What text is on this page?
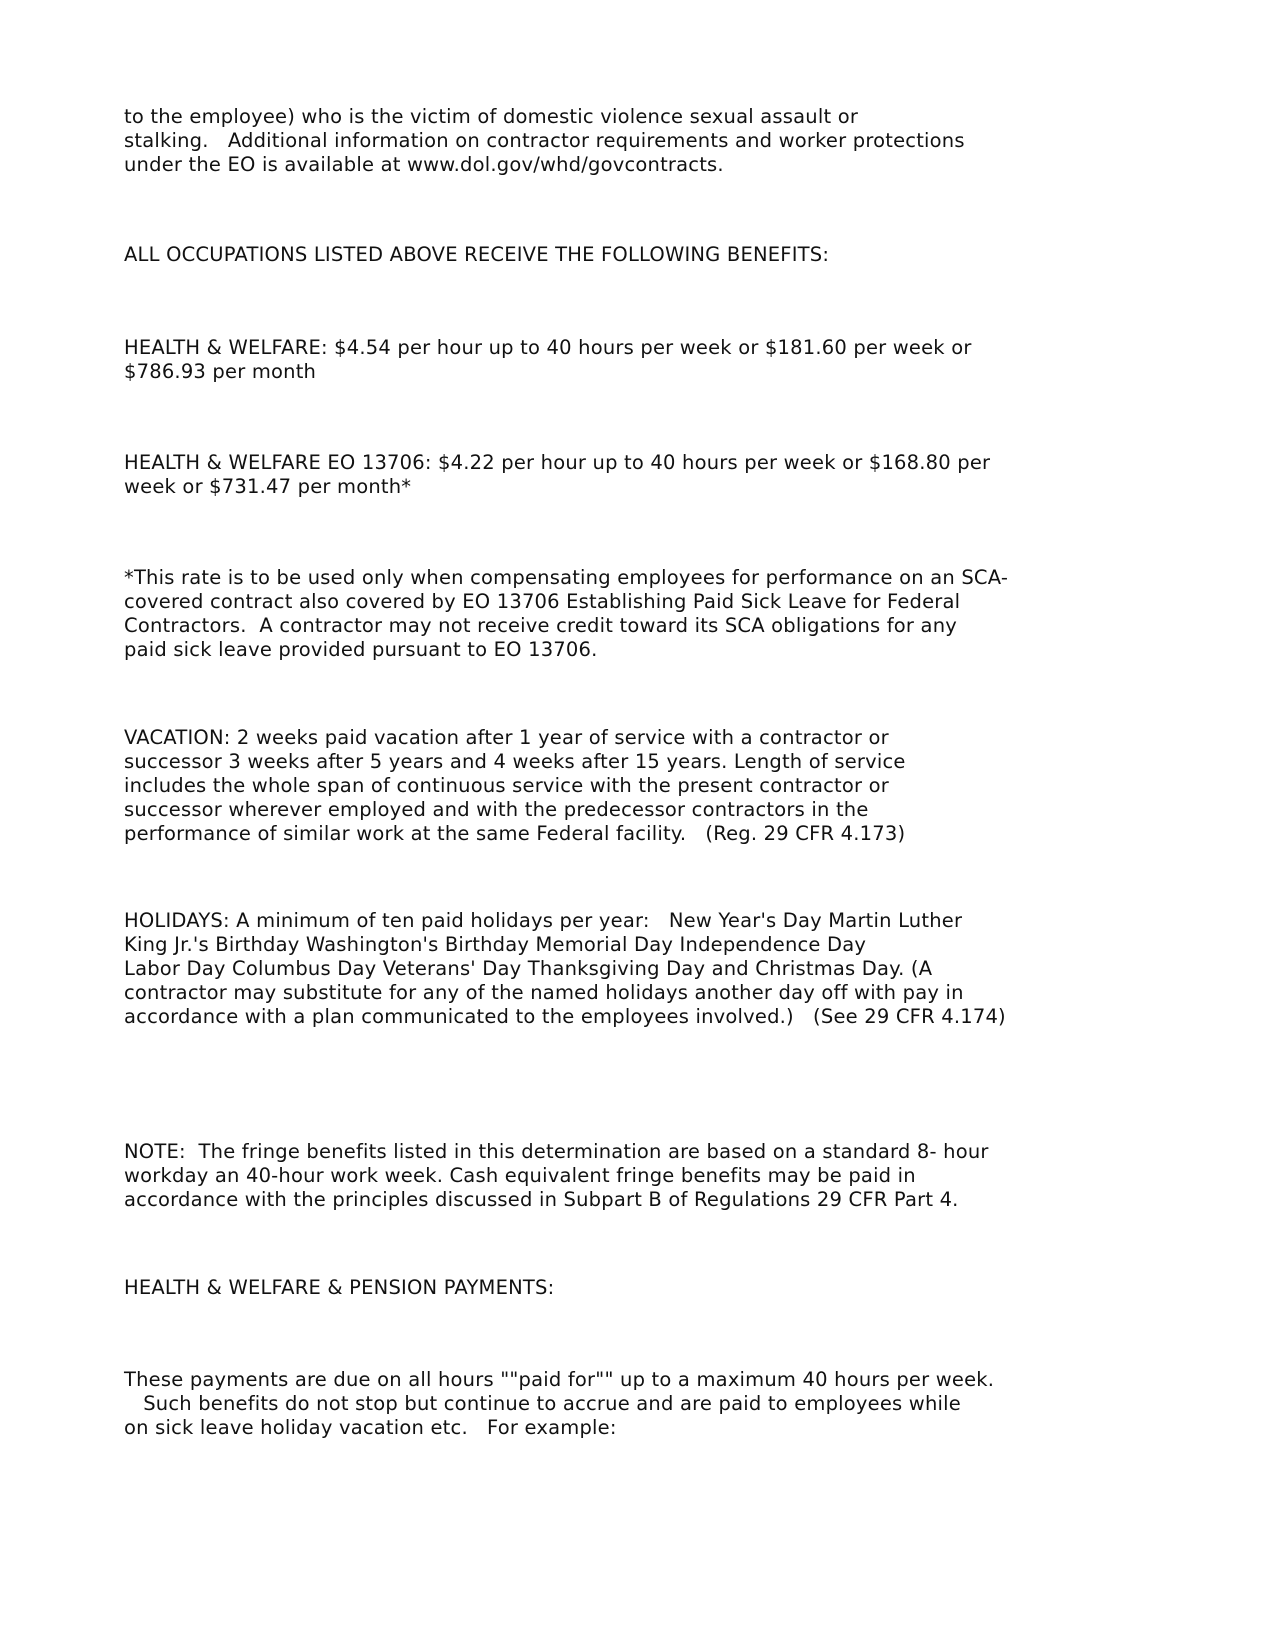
to the employee) who is the victim of domestic violence sexual assault or
stalking.   Additional information on contractor requirements and worker protections
under the EO is available at www.dol.gov/whd/govcontracts.
ALL OCCUPATIONS LISTED ABOVE RECEIVE THE FOLLOWING BENEFITS:
HEALTH & WELFARE: $4.54 per hour up to 40 hours per week or $181.60 per week or
$786.93 per month
HEALTH & WELFARE EO 13706: $4.22 per hour up to 40 hours per week or $168.80 per
week or $731.47 per month*
*This rate is to be used only when compensating employees for performance on an SCA-
covered contract also covered by EO 13706 Establishing Paid Sick Leave for Federal
Contractors.  A contractor may not receive credit toward its SCA obligations for any
paid sick leave provided pursuant to EO 13706.
VACATION: 2 weeks paid vacation after 1 year of service with a contractor or
successor 3 weeks after 5 years and 4 weeks after 15 years. Length of service
includes the whole span of continuous service with the present contractor or
successor wherever employed and with the predecessor contractors in the
performance of similar work at the same Federal facility.   (Reg. 29 CFR 4.173)
HOLIDAYS: A minimum of ten paid holidays per year:   New Year's Day Martin Luther
King Jr.'s Birthday Washington's Birthday Memorial Day Independence Day
Labor Day Columbus Day Veterans' Day Thanksgiving Day and Christmas Day. (A
contractor may substitute for any of the named holidays another day off with pay in
accordance with a plan communicated to the employees involved.)   (See 29 CFR 4.174)
NOTE:  The fringe benefits listed in this determination are based on a standard 8- hour
workday an 40-hour work week. Cash equivalent fringe benefits may be paid in
accordance with the principles discussed in Subpart B of Regulations 29 CFR Part 4.
HEALTH & WELFARE & PENSION PAYMENTS:
These payments are due on all hours ""paid for"" up to a maximum 40 hours per week.
Such benefits do not stop but continue to accrue and are paid to employees while
on sick leave holiday vacation etc.   For example:
